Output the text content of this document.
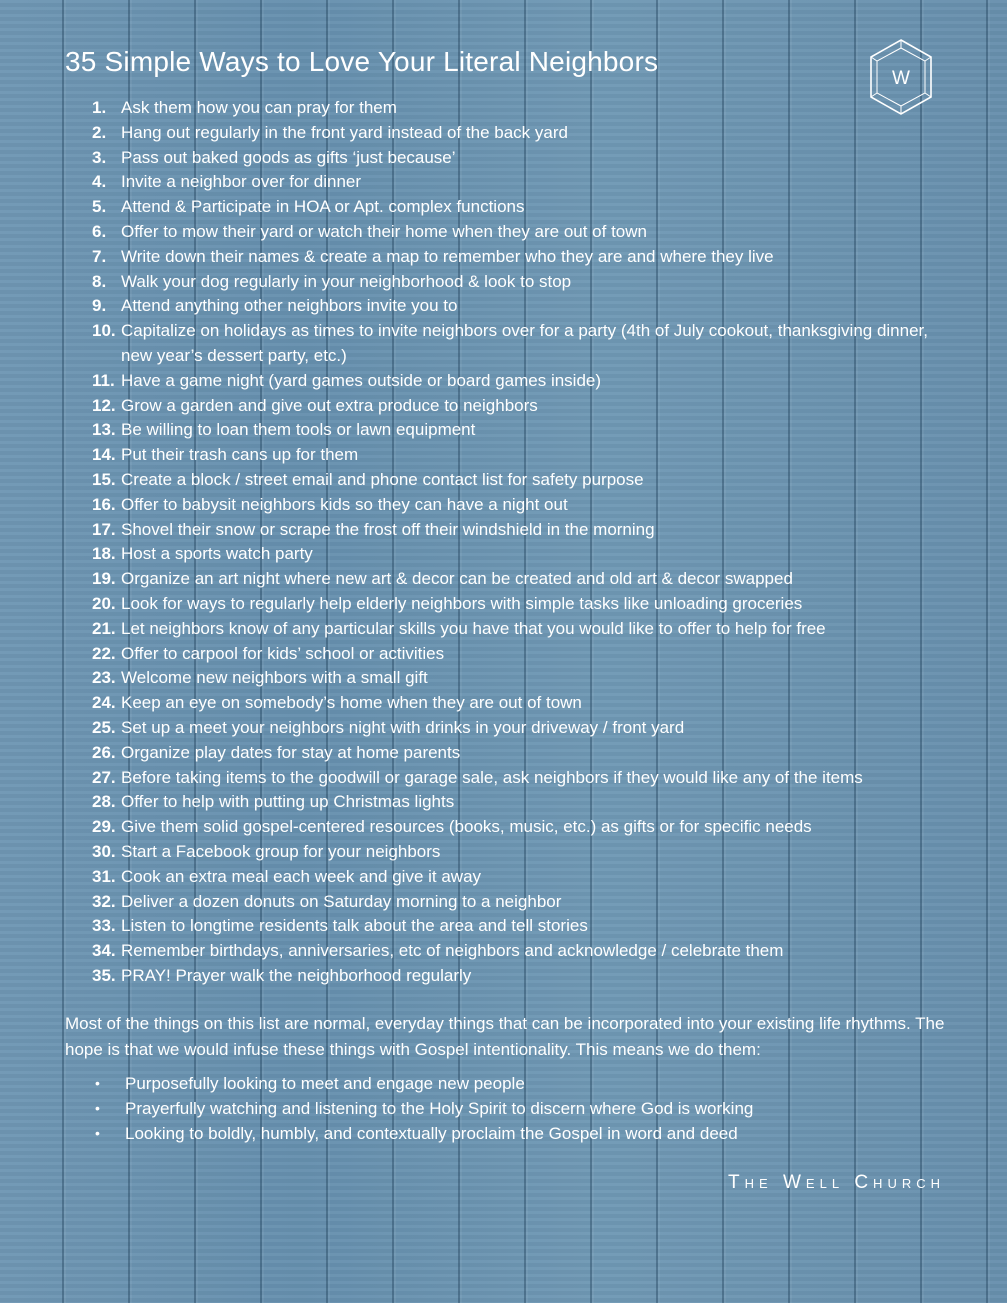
35 Simple Ways to Love Your Literal Neighbors
W
1. Ask them how you can pray for them
2. Hang out regularly in the front yard instead of the back yard
3. Pass out baked goods as gifts ‘just because’
4. Invite a neighbor over for dinner
5. Attend & Participate in HOA or Apt. complex functions
6. Offer to mow their yard or watch their home when they are out of town
7. Write down their names & create a map to remember who they are and where they live
8. Walk your dog regularly in your neighborhood & look to stop
9. Attend anything other neighbors invite you to
10. Capitalize on holidays as times to invite neighbors over for a party (4th of July cookout, thanksgiving dinner, new year’s dessert party, etc.)
11. Have a game night (yard games outside or board games inside)
12. Grow a garden and give out extra produce to neighbors
13. Be willing to loan them tools or lawn equipment
14. Put their trash cans up for them
15. Create a block / street email and phone contact list for safety purpose
16. Offer to babysit neighbors kids so they can have a night out
17. Shovel their snow or scrape the frost off their windshield in the morning
18. Host a sports watch party
19. Organize an art night where new art & decor can be created and old art & decor swapped
20. Look for ways to regularly help elderly neighbors with simple tasks like unloading groceries
21. Let neighbors know of any particular skills you have that you would like to offer to help for free
22. Offer to carpool for kids’ school or activities
23. Welcome new neighbors with a small gift
24. Keep an eye on somebody’s home when they are out of town
25. Set up a meet your neighbors night with drinks in your driveway / front yard
26. Organize play dates for stay at home parents
27. Before taking items to the goodwill or garage sale, ask neighbors if they would like any of the items
28. Offer to help with putting up Christmas lights
29. Give them solid gospel-centered resources (books, music, etc.) as gifts or for specific needs
30. Start a Facebook group for your neighbors
31. Cook an extra meal each week and give it away
32. Deliver a dozen donuts on Saturday morning to a neighbor
33. Listen to longtime residents talk about the area and tell stories
34. Remember birthdays, anniversaries, etc of neighbors and acknowledge / celebrate them
35. PRAY! Prayer walk the neighborhood regularly

Most of the things on this list are normal, everyday things that can be incorporated into your existing life rhythms. The hope is that we would infuse these things with Gospel intentionality. This means we do them:

•	Purposefully looking to meet and engage new people
•	Prayerfully watching and listening to the Holy Spirit to discern where God is working
•	Looking to boldly, humbly, and contextually proclaim the Gospel in word and deed
The Well Church
